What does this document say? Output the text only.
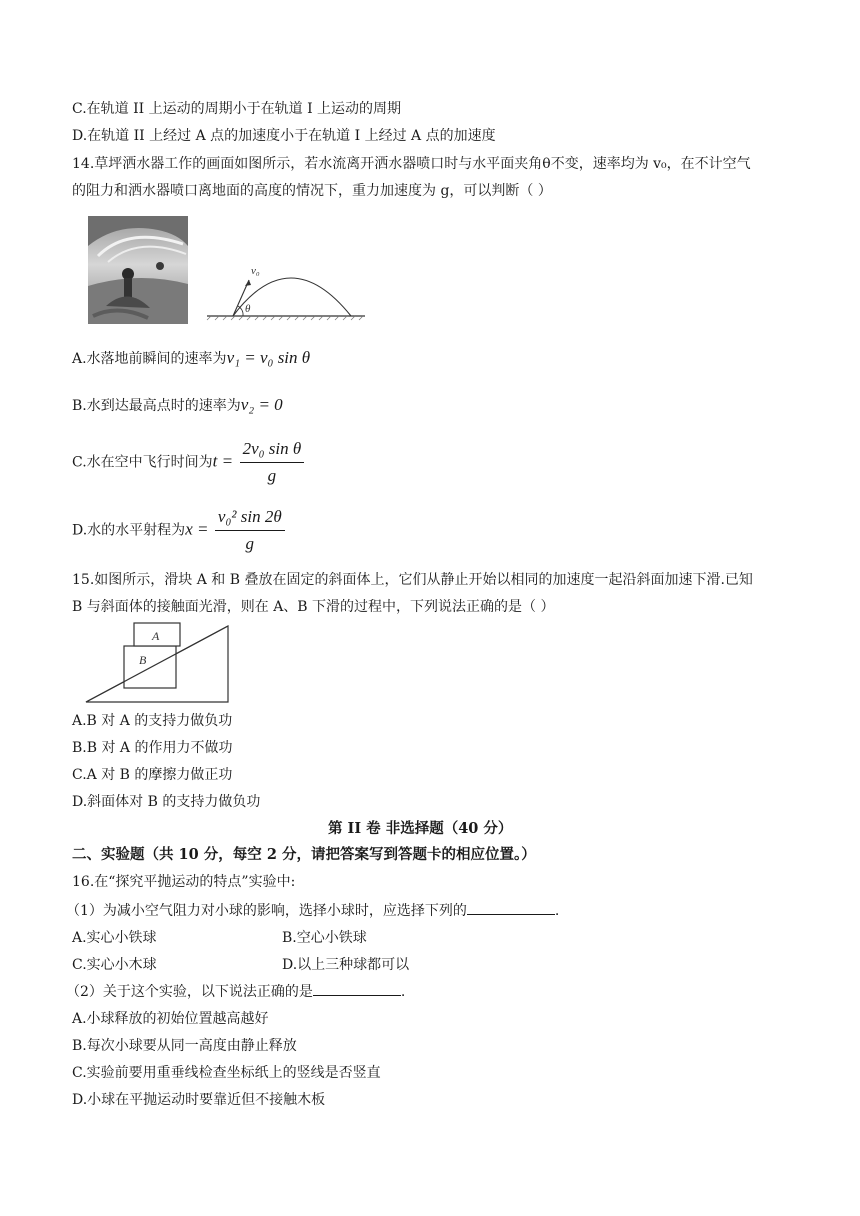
C.在轨道 II 上运动的周期小于在轨道 I 上运动的周期
D.在轨道 II 上经过 A 点的加速度小于在轨道 I 上经过 A 点的加速度
14.草坪洒水器工作的画面如图所示，若水流离开洒水器喷口时与水平面夹角θ不变，速率均为 v₀，在不计空气
的阻力和洒水器喷口离地面的高度的情况下，重力加速度为 g，可以判断（ ）
v₀
θ
A.水落地前瞬间的速率为v₁ = v₀ sin θ
B.水到达最高点时的速率为v₂ = 0
C.水在空中飞行时间为$t = \frac{\text{2v₀ sin θ}}{g}$
D.水的水平射程为$x = \frac{\text{v₀² sin 2θ}}{g}$
15.如图所示，滑块 A 和 B 叠放在固定的斜面体上，它们从静止开始以相同的加速度一起沿斜面加速下滑.已知
B 与斜面体的接触面光滑，则在 A、B 下滑的过程中，下列说法正确的是（ ）
A
B
A.B 对 A 的支持力做负功
B.B 对 A 的作用力不做功
C.A 对 B 的摩擦力做正功
D.斜面体对 B 的支持力做负功
第 II 卷 非选择题（40 分）
二、实验题（共 10 分，每空 2 分，请把答案写到答题卡的相应位置。）
16.在“探究平抛运动的特点”实验中:
（1）为减小空气阻力对小球的影响，选择小球时，应选择下列的	.
A.实心小铁球	B.空心小铁球
C.实心小木球	D.以上三种球都可以
（2）关于这个实验，以下说法正确的是	.
A.小球释放的初始位置越高越好
B.每次小球要从同一高度由静止释放
C.实验前要用重垂线检查坐标纸上的竖线是否竖直
D.小球在平抛运动时要靠近但不接触木板
